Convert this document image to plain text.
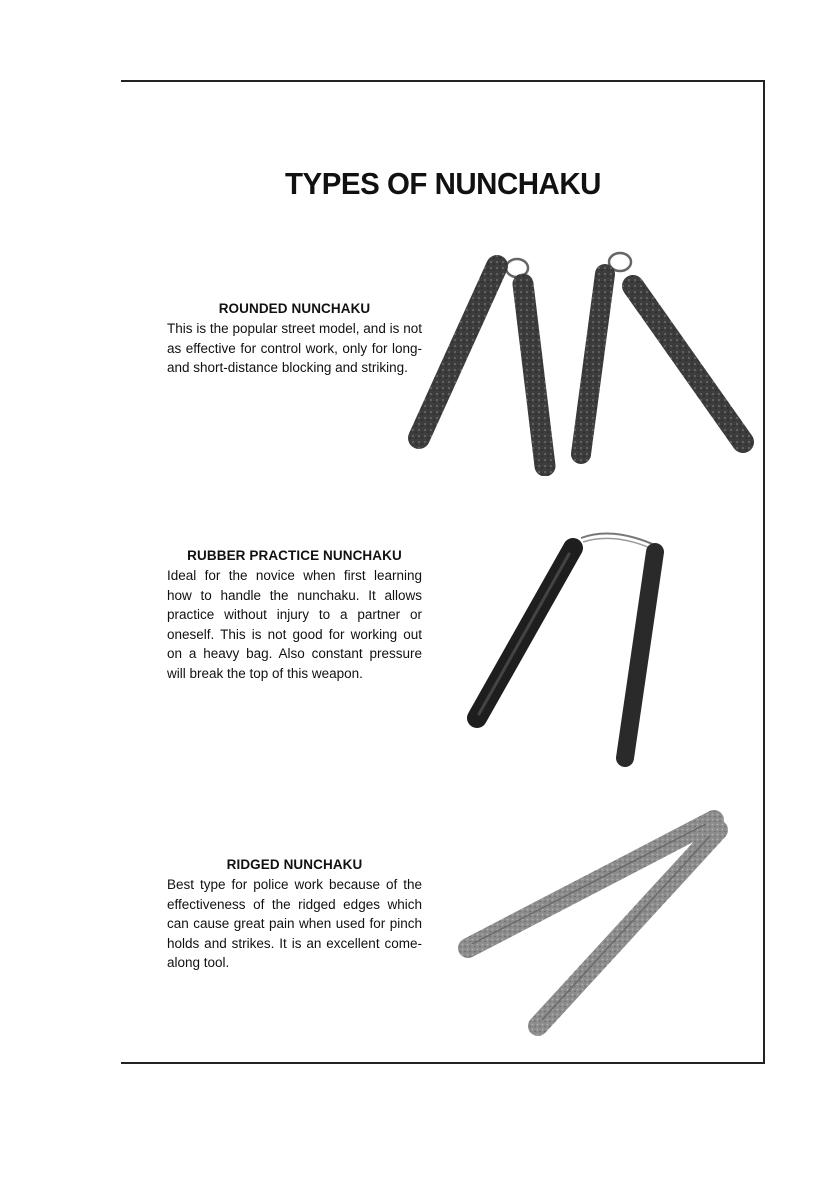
TYPES OF NUNCHAKU
ROUNDED NUNCHAKU

This is the popular street model, and is not as effective for control work, only for long- and short-distance blocking and striking.

RUBBER PRACTICE NUNCHAKU

Ideal for the novice when first learning how to handle the nunchaku. It allows practice without injury to a partner or oneself. This is not good for working out on a heavy bag. Also constant pressure will break the top of this weapon.

RIDGED NUNCHAKU

Best type for police work because of the effectiveness of the ridged edges which can cause great pain when used for pinch holds and strikes. It is an excellent come-along tool.
